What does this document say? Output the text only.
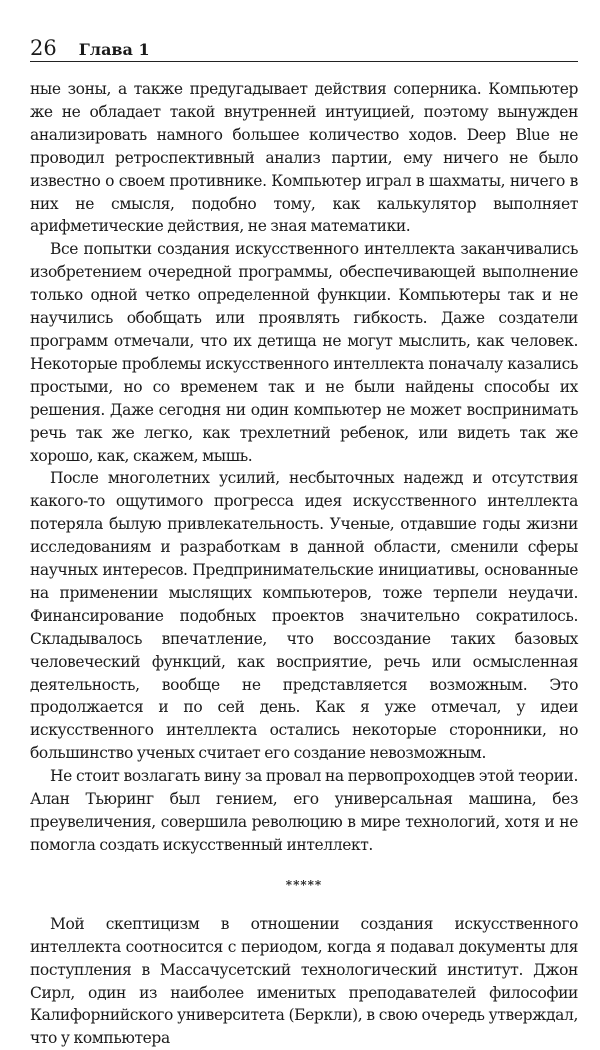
26 Глава 1

ные зоны, а также предугадывает действия соперника. Компьютер же не обладает такой внутренней интуицией, поэтому вынужден анализировать намного большее количество ходов. Deep Blue не проводил ретроспективный анализ партии, ему ничего не было известно о своем противнике. Компьютер играл в шахматы, ничего в них не смысля, подобно тому, как калькулятор выполняет арифметические действия, не зная математики.

Все попытки создания искусственного интеллекта заканчивались изобретением очередной программы, обеспечивающей выполнение только одной четко определенной функции. Компьютеры так и не научились обобщать или проявлять гибкость. Даже создатели программ отмечали, что их детища не могут мыслить, как человек. Некоторые проблемы искусственного интеллекта поначалу казались простыми, но со временем так и не были найдены способы их решения. Даже сегодня ни один компьютер не может воспринимать речь так же легко, как трехлетний ребенок, или видеть так же хорошо, как, скажем, мышь.

После многолетних усилий, несбыточных надежд и отсутствия какого-то ощутимого прогресса идея искусственного интеллекта потеряла былую привлекательность. Ученые, отдавшие годы жизни исследованиям и разработкам в данной области, сменили сферы научных интересов. Предпринимательские инициативы, основанные на применении мыслящих компьютеров, тоже терпели неудачи. Финансирование подобных проектов значительно сократилось. Складывалось впечатление, что воссоздание таких базовых человеческий функций, как восприятие, речь или осмысленная деятельность, вообще не представляется возможным. Это продолжается и по сей день. Как я уже отмечал, у идеи искусственного интеллекта остались некоторые сторонники, но большинство ученых считает его создание невозможным.

Не стоит возлагать вину за провал на первопроходцев этой теории. Алан Тьюринг был гением, его универсальная машина, без преувеличения, совершила революцию в мире технологий, хотя и не помогла создать искусственный интеллект.

*****

Мой скептицизм в отношении создания искусственного интеллекта соотносится с периодом, когда я подавал документы для поступления в Массачусетский технологический институт. Джон Сирл, один из наиболее именитых преподавателей философии Калифорнийского университета (Беркли), в свою очередь утверждал, что у компьютера
